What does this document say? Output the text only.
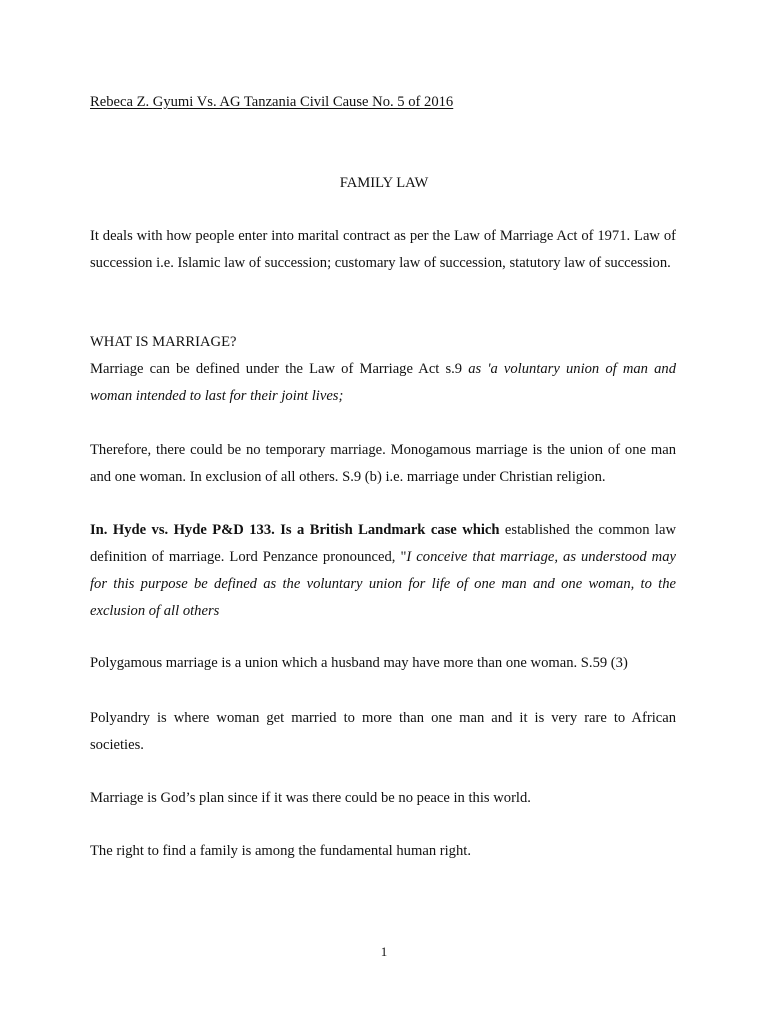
Rebeca Z. Gyumi Vs. AG Tanzania Civil Cause No. 5 of 2016

FAMILY LAW

It deals with how people enter into marital contract as per the Law of Marriage Act of 1971. Law of succession i.e. Islamic law of succession; customary law of succession, statutory law of succession.

WHAT IS MARRIAGE?

Marriage can be defined under the Law of Marriage Act s.9 as 'a voluntary union of man and woman intended to last for their joint lives;

Therefore, there could be no temporary marriage. Monogamous marriage is the union of one man and one woman. In exclusion of all others. S.9 (b) i.e. marriage under Christian religion.

In. Hyde vs. Hyde P&D 133. Is a British Landmark case which established the common law definition of marriage. Lord Penzance pronounced, "I conceive that marriage, as understood may for this purpose be defined as the voluntary union for life of one man and one woman, to the exclusion of all others

Polygamous marriage is a union which a husband may have more than one woman. S.59 (3)

Polyandry is where woman get married to more than one man and it is very rare to African societies.

Marriage is God’s plan since if it was there could be no peace in this world.

The right to find a family is among the fundamental human right.

1
